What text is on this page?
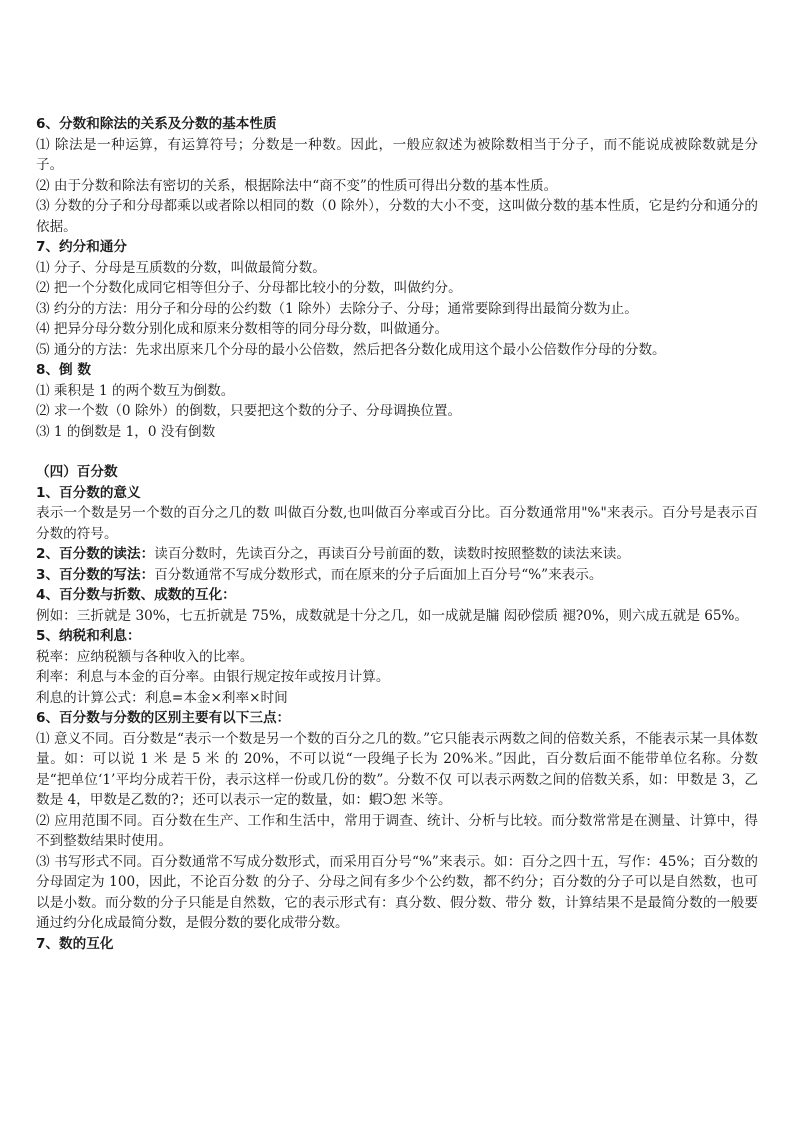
6、分数和除法的关系及分数的基本性质
⑴ 除法是一种运算，有运算符号；分数是一种数。因此，一般应叙述为被除数相当于分子，而不能说成被除数就是分子。
⑵ 由于分数和除法有密切的关系，根据除法中“商不变”的性质可得出分数的基本性质。
⑶ 分数的分子和分母都乘以或者除以相同的数（0 除外），分数的大小不变，这叫做分数的基本性质，它是约分和通分的依据。
7、约分和通分
⑴ 分子、分母是互质数的分数，叫做最简分数。
⑵ 把一个分数化成同它相等但分子、分母都比较小的分数，叫做约分。
⑶ 约分的方法：用分子和分母的公约数（1 除外）去除分子、分母；通常要除到得出最简分数为止。
⑷ 把异分母分数分别化成和原来分数相等的同分母分数，叫做通分。
⑸ 通分的方法：先求出原来几个分母的最小公倍数，然后把各分数化成用这个最小公倍数作分母的分数。
8、倒 数
⑴ 乘积是 1 的两个数互为倒数。
⑵ 求一个数（0 除外）的倒数，只要把这个数的分子、分母调换位置。
⑶ 1 的倒数是 1，0 没有倒数
（四）百分数
1、百分数的意义
表示一个数是另一个数的百分之几的数 叫做百分数,也叫做百分率或百分比。百分数通常用"%"来表示。百分号是表示百分数的符号。
2、百分数的读法：读百分数时，先读百分之，再读百分号前面的数，读数时按照整数的读法来读。
3、百分数的写法：百分数通常不写成分数形式，而在原来的分子后面加上百分号“%”来表示。
4、百分数与折数、成数的互化：
例如：三折就是 30%，七五折就是 75%，成数就是十分之几，如一成就是牖 闳砂偿质 褪?0%，则六成五就是 65%。
5、纳税和利息：
税率：应纳税额与各种收入的比率。
利率：利息与本金的百分率。由银行规定按年或按月计算。
利息的计算公式：利息=本金×利率×时间
6、百分数与分数的区别主要有以下三点：
⑴ 意义不同。百分数是“表示一个数是另一个数的百分之几的数。”它只能表示两数之间的倍数关系，不能表示某一具体数量。如：可以说 1 米 是 5 米 的 20%，不可以说“一段绳子长为 20%米。”因此，百分数后面不能带单位名称。分数是“把单位‘1’平均分成若干份，表示这样一份或几份的数”。分数不仅 可以表示两数之间的倍数关系，如：甲数是 3，乙数是 4，甲数是乙数的?；还可以表示一定的数量，如：蝦Ͻ恕 米等。
⑵ 应用范围不同。百分数在生产、工作和生活中，常用于调查、统计、分析与比较。而分数常常是在测量、计算中，得不到整数结果时使用。
⑶ 书写形式不同。百分数通常不写成分数形式，而采用百分号“%”来表示。如：百分之四十五，写作：45%；百分数的分母固定为 100，因此，不论百分数 的分子、分母之间有多少个公约数，都不约分；百分数的分子可以是自然数，也可以是小数。而分数的分子只能是自然数，它的表示形式有：真分数、假分数、带分 数，计算结果不是最简分数的一般要通过约分化成最简分数，是假分数的要化成带分数。
7、数的互化
